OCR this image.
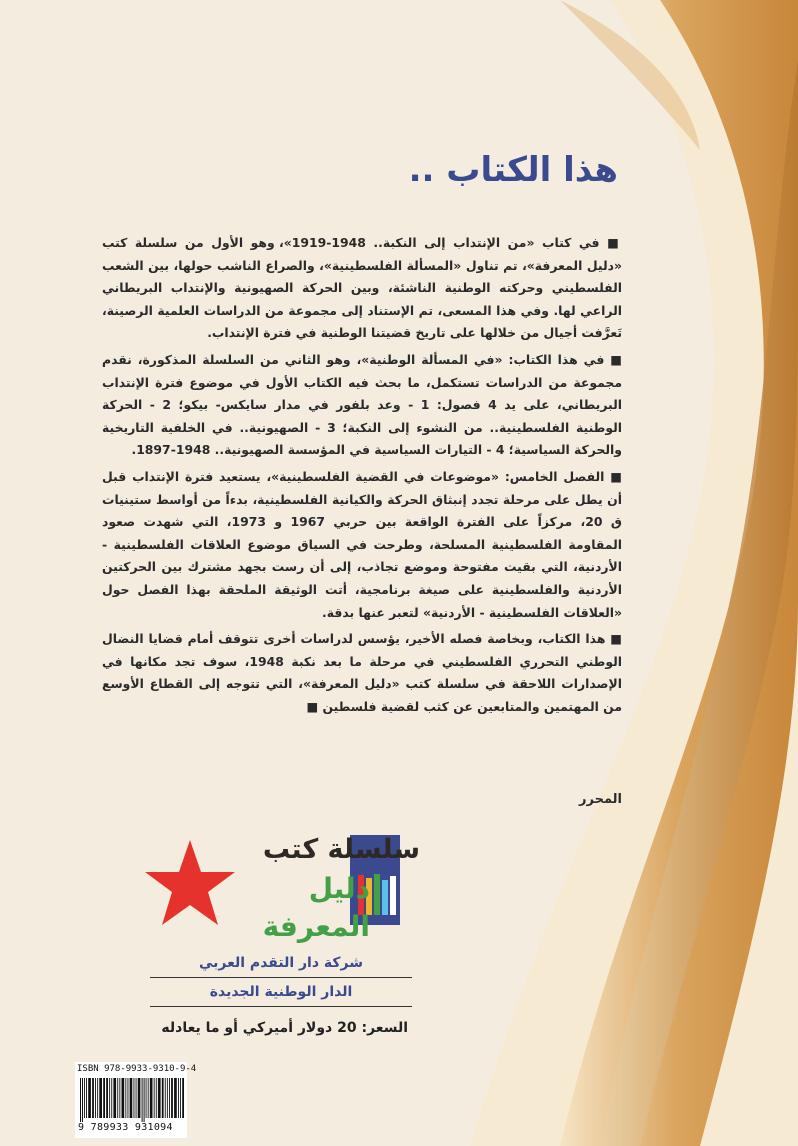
هذا الكتاب ..

■ في كتاب «من الإنتداب إلى النكبة.. 1948-1919»، وهو الأول من سلسلة كتب «دليل المعرفة»، تم تناول «المسألة الفلسطينية»، والصراع الناشب حولها، بين الشعب الفلسطيني وحركته الوطنية الناشئة، وبين الحركة الصهيونية والإنتداب البريطاني الراعي لها. وفي هذا المسعى، تم الإستناد إلى مجموعة من الدراسات العلمية الرصينة، تَعرَّفت أجيال من خلالها على تاريخ قضيتنا الوطنية في فترة الإنتداب.

■ في هذا الكتاب: «في المسألة الوطنية»، وهو الثاني من السلسلة المذكورة، نقدم مجموعة من الدراسات تستكمل، ما بحث فيه الكتاب الأول في موضوع فترة الإنتداب البريطاني، على يد 4 فصول: 1 - وعد بلفور في مدار سايكس- بيكو؛ 2 - الحركة الوطنية الفلسطينية.. من النشوء إلى النكبة؛ 3 - الصهيونية.. في الخلفية التاريخية والحركة السياسية؛ 4 - التيارات السياسية في المؤسسة الصهيونية.. 1948-1897.

■ الفصل الخامس: «موضوعات في القضية الفلسطينية»، يستعيد فترة الإنتداب قبل أن يطل على مرحلة تجدد إنبثاق الحركة والكيانية الفلسطينية، بدءاً من أواسط ستينيات ق 20، مركزاً على الفترة الواقعة بين حربي 1967 و 1973، التي شهدت صعود المقاومة الفلسطينية المسلحة، وطرحت في السياق موضوع العلاقات الفلسطينية - الأردنية، التي بقيت مفتوحة وموضع تجاذب، إلى أن رست بجهد مشترك بين الحركتين الأردنية والفلسطينية على صيغة برنامجية، أتت الوثيقة الملحقة بهذا الفصل حول «العلاقات الفلسطينية - الأردنية» لتعبر عنها بدقة.

■ هذا الكتاب، وبخاصة فصله الأخير، يؤسس لدراسات أخرى تتوقف أمام قضايا النضال الوطني التحرري الفلسطيني في مرحلة ما بعد نكبة 1948، سوف تجد مكانها في الإصدارات اللاحقة في سلسلة كتب «دليل المعرفة»، التي تتوجه إلى القطاع الأوسع من المهتمين والمتابعين عن كثب لقضية فلسطين ■

المحرر
سلسلة كتب
دليل
المعرفة
شركة دار التقدم العربي
الدار الوطنية الجديدة
السعر: 20 دولار أميركي أو ما يعادله
ISBN 978-9933-9310-9-4
9 789933 931094
